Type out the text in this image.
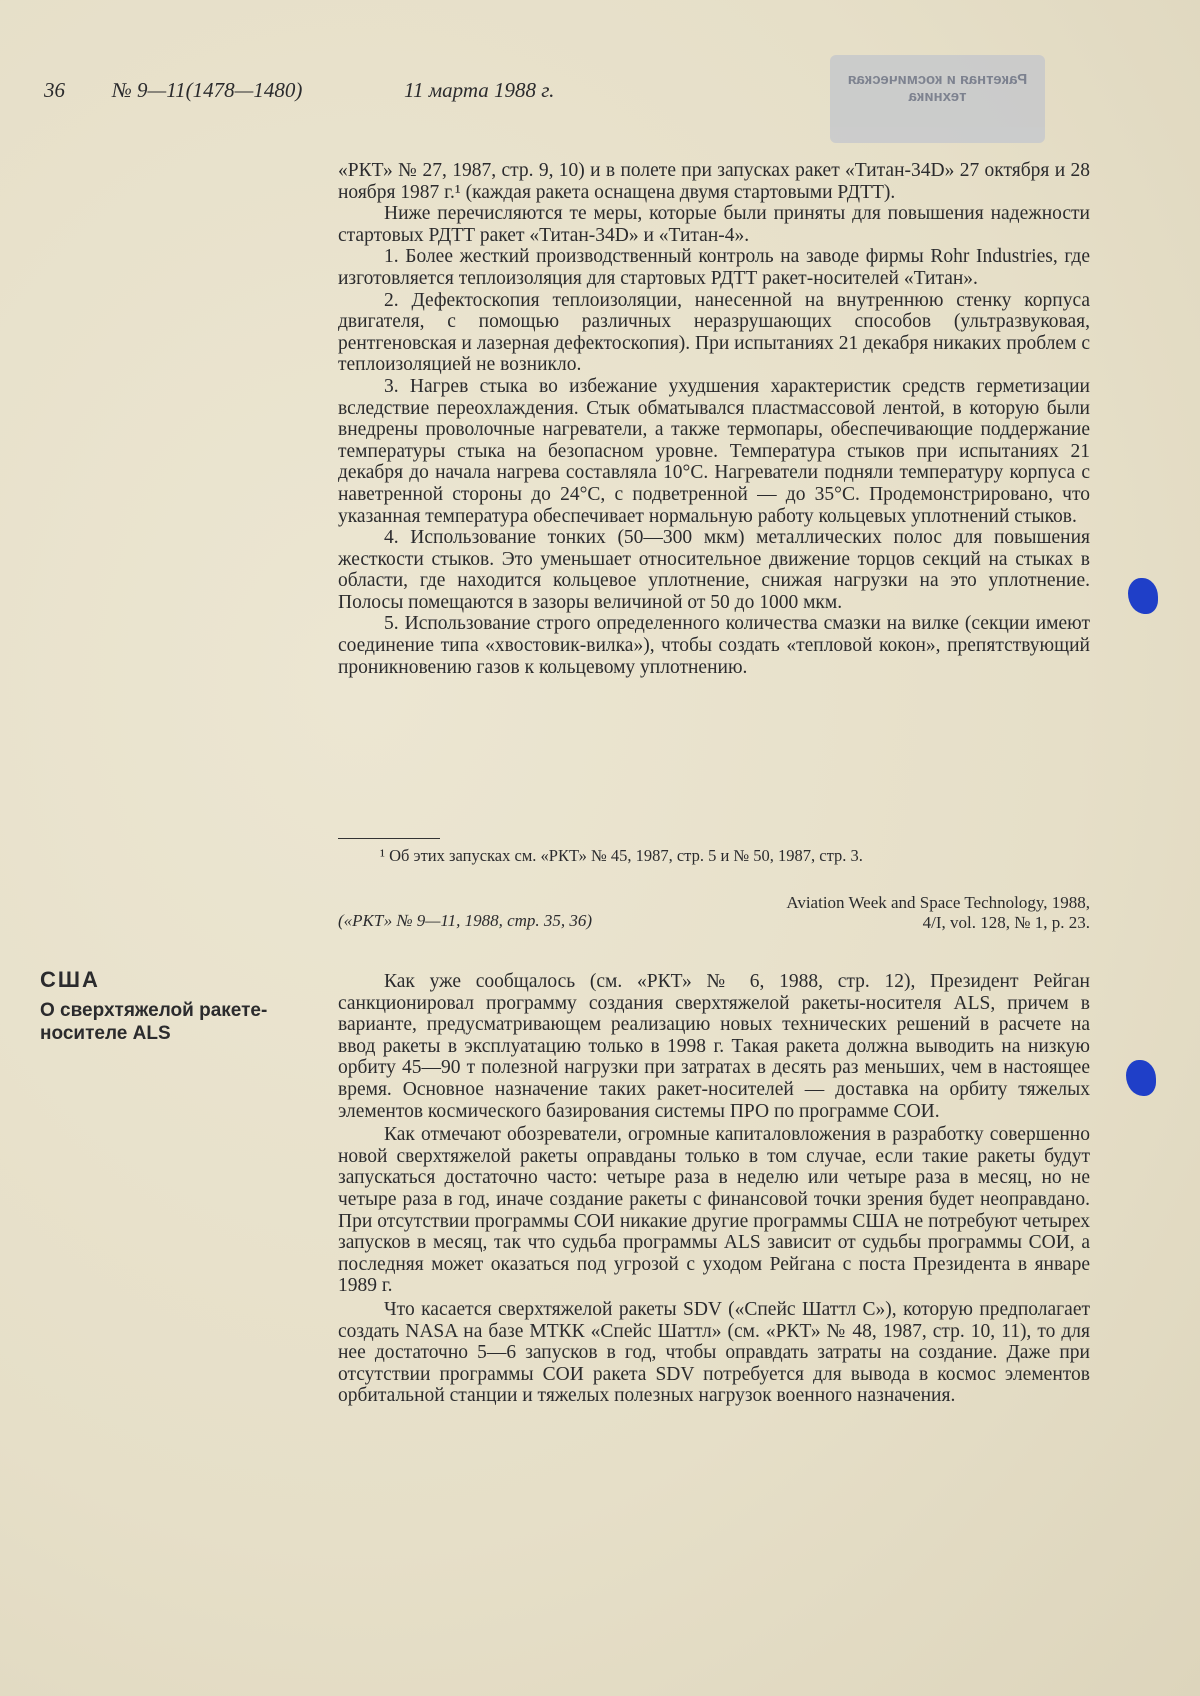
36 № 9—11(1478—1480)	11 марта 1988 г.	Ракетная и космическая техника

«РКТ» № 27, 1987, стр. 9, 10) и в полете при запусках ракет «Титан-34D» 27 октября и 28 ноября 1987 г.¹ (каждая ракета оснащена двумя стартовыми РДТТ).

Ниже перечисляются те меры, которые были приняты для повышения надежности стартовых РДТТ ракет «Титан-34D» и «Титан-4».

1. Более жесткий производственный контроль на заводе фирмы Rohr Industries, где изготовляется теплоизоляция для стартовых РДТТ ракет-носителей «Титан».

2. Дефектоскопия теплоизоляции, нанесенной на внутреннюю стенку корпуса двигателя, с помощью различных неразрушающих способов (ультразвуковая, рентгеновская и лазерная дефектоскопия). При испытаниях 21 декабря никаких проблем с теплоизоляцией не возникло.

3. Нагрев стыка во избежание ухудшения характеристик средств герметизации вследствие переохлаждения. Стык обматывался пластмассовой лентой, в которую были внедрены проволочные нагреватели, а также термопары, обеспечивающие поддержание температуры стыка на безопасном уровне. Температура стыков при испытаниях 21 декабря до начала нагрева составляла 10°С. Нагреватели подняли температуру корпуса с наветренной стороны до 24°С, с подветренной — до 35°С. Продемонстрировано, что указанная температура обеспечивает нормальную работу кольцевых уплотнений стыков.

4. Использование тонких (50—300 мкм) металлических полос для повышения жесткости стыков. Это уменьшает относительное движение торцов секций на стыках в области, где находится кольцевое уплотнение, снижая нагрузки на это уплотнение. Полосы помещаются в зазоры величиной от 50 до 1000 мкм.

5. Использование строго определенного количества смазки на вилке (секции имеют соединение типа «хвостовик-вилка»), чтобы создать «тепловой кокон», препятствующий проникновению газов к кольцевому уплотнению.

¹ Об этих запусках см. «РКТ» № 45, 1987, стр. 5 и № 50, 1987, стр. 3.
Aviation Week and Space Technology, 1988,
4/I, vol. 128, № 1, p. 23.
(«РКТ» № 9—11, 1988, стр. 35, 36)
США
О сверхтяжелой ракете-носителе ALS

Как уже сообщалось (см. «РКТ» № 6, 1988, стр. 12), Президент Рейган санкционировал программу создания сверхтяжелой ракеты-носителя ALS, причем в варианте, предусматривающем реализацию новых технических решений в расчете на ввод ракеты в эксплуатацию только в 1998 г. Такая ракета должна выводить на низкую орбиту 45—90 т полезной нагрузки при затратах в десять раз меньших, чем в настоящее время. Основное назначение таких ракет-носителей — доставка на орбиту тяжелых элементов космического базирования системы ПРО по программе СОИ.

Как отмечают обозреватели, огромные капиталовложения в разработку совершенно новой сверхтяжелой ракеты оправданы только в том случае, если такие ракеты будут запускаться достаточно часто: четыре раза в неделю или четыре раза в месяц, но не четыре раза в год, иначе создание ракеты с финансовой точки зрения будет неоправдано. При отсутствии программы СОИ никакие другие программы США не потребуют четырех запусков в месяц, так что судьба программы ALS зависит от судьбы программы СОИ, а последняя может оказаться под угрозой с уходом Рейгана с поста Президента в январе 1989 г.

Что касается сверхтяжелой ракеты SDV («Спейс Шаттл С»), которую предполагает создать NASA на базе МТКК «Спейс Шаттл» (см. «РКТ» № 48, 1987, стр. 10, 11), то для нее достаточно 5—6 запусков в год, чтобы оправдать затраты на создание. Даже при отсутствии программы СОИ ракета SDV потребуется для вывода в космос элементов орбитальной станции и тяжелых полезных нагрузок военного назначения.
